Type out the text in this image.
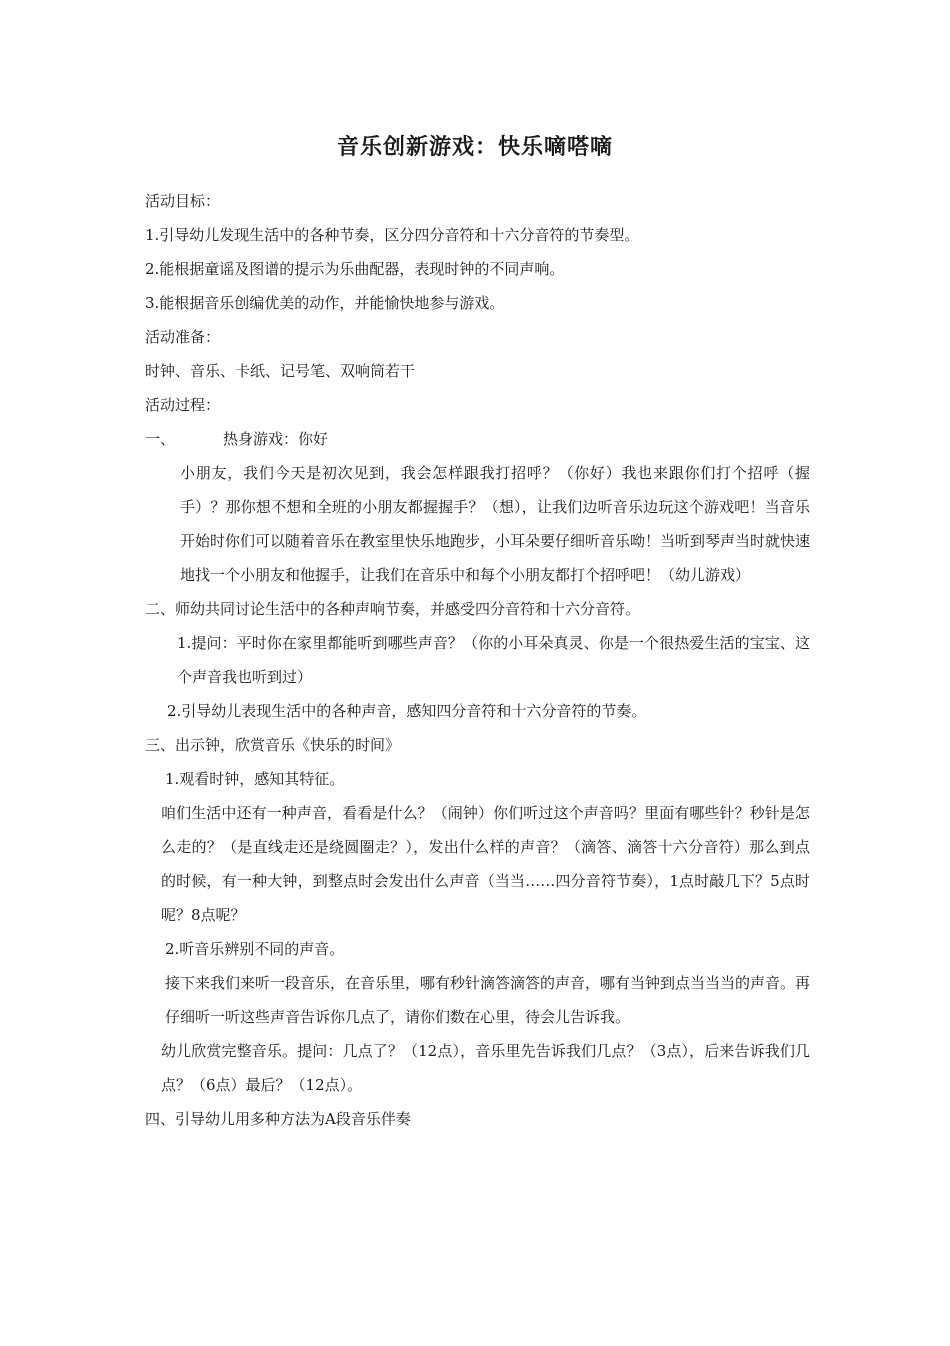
音乐创新游戏：快乐嘀嗒嘀

活动目标：

1.引导幼儿发现生活中的各种节奏，区分四分音符和十六分音符的节奏型。

2.能根据童谣及图谱的提示为乐曲配器，表现时钟的不同声响。

3.能根据音乐创编优美的动作，并能愉快地参与游戏。

活动准备：

时钟、音乐、卡纸、记号笔、双响筒若干

活动过程：

一、	热身游戏：你好

小朋友，我们今天是初次见到，我会怎样跟我打招呼？（你好）我也来跟你们打个招呼（握手）？那你想不想和全班的小朋友都握握手？（想），让我们边听音乐边玩这个游戏吧！当音乐开始时你们可以随着音乐在教室里快乐地跑步，小耳朵要仔细听音乐呦！当听到琴声当时就快速地找一个小朋友和他握手，让我们在音乐中和每个小朋友都打个招呼吧！（幼儿游戏）

二、师幼共同讨论生活中的各种声响节奏，并感受四分音符和十六分音符。

1.提问：平时你在家里都能听到哪些声音？（你的小耳朵真灵、你是一个很热爱生活的宝宝、这个声音我也听到过）

2.引导幼儿表现生活中的各种声音，感知四分音符和十六分音符的节奏。

三、出示钟，欣赏音乐《快乐的时间》

1.观看时钟，感知其特征。

咱们生活中还有一种声音，看看是什么？（闹钟）你们听过这个声音吗？里面有哪些针？秒针是怎么走的？（是直线走还是绕圆圈走？），发出什么样的声音？（滴答、滴答十六分音符）那么到点的时候，有一种大钟，到整点时会发出什么声音（当当……四分音符节奏），1点时敲几下？5点时呢？8点呢？

2.听音乐辨别不同的声音。

接下来我们来听一段音乐，在音乐里，哪有秒针滴答滴答的声音，哪有当钟到点当当当的声音。再仔细听一听这些声音告诉你几点了，请你们数在心里，待会儿告诉我。

幼儿欣赏完整音乐。提问：几点了？（12点），音乐里先告诉我们几点？（3点），后来告诉我们几点？（6点）最后？（12点）。

四、引导幼儿用多种方法为A段音乐伴奏
